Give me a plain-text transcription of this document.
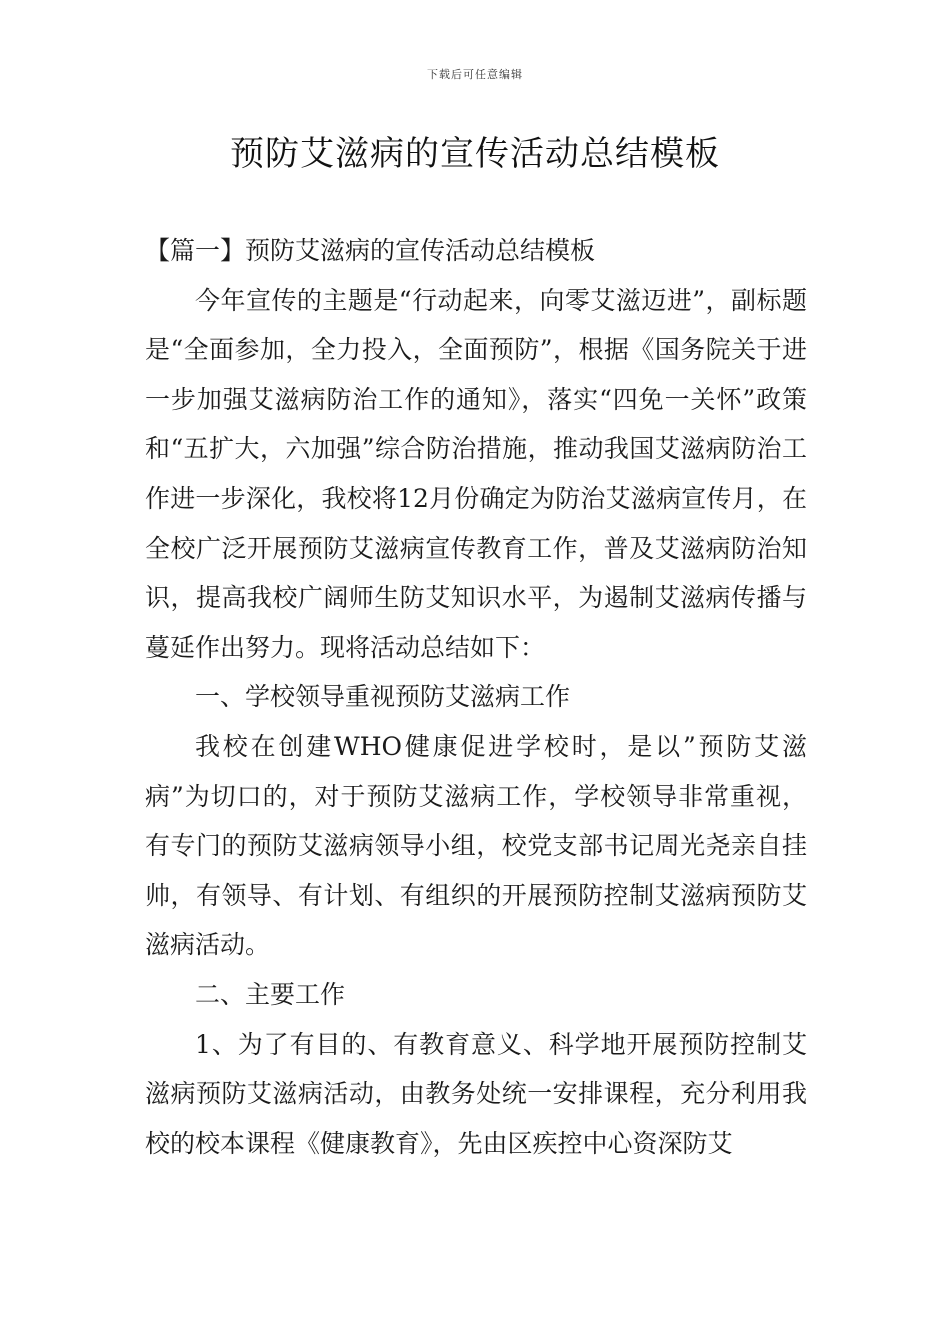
下载后可任意编辑
预防艾滋病的宣传活动总结模板

【篇一】预防艾滋病的宣传活动总结模板

今年宣传的主题是“行动起来，向零艾滋迈进”，副标题是“全面参加，全力投入，全面预防”，根据《国务院关于进一步加强艾滋病防治工作的通知》，落实“四免一关怀”政策和“五扩大，六加强”综合防治措施，推动我国艾滋病防治工作进一步深化，我校将12月份确定为防治艾滋病宣传月，在全校广泛开展预防艾滋病宣传教育工作，普及艾滋病防治知识，提高我校广阔师生防艾知识水平，为遏制艾滋病传播与蔓延作出努力。现将活动总结如下：

一、学校领导重视预防艾滋病工作

我校在创建WHO健康促进学校时，是以”预防艾滋病”为切口的，对于预防艾滋病工作，学校领导非常重视，有专门的预防艾滋病领导小组，校党支部书记周光尧亲自挂帅，有领导、有计划、有组织的开展预防控制艾滋病预防艾滋病活动。

二、主要工作

1、为了有目的、有教育意义、科学地开展预防控制艾滋病预防艾滋病活动，由教务处统一安排课程，充分利用我校的校本课程《健康教育》，先由区疾控中心资深防艾
